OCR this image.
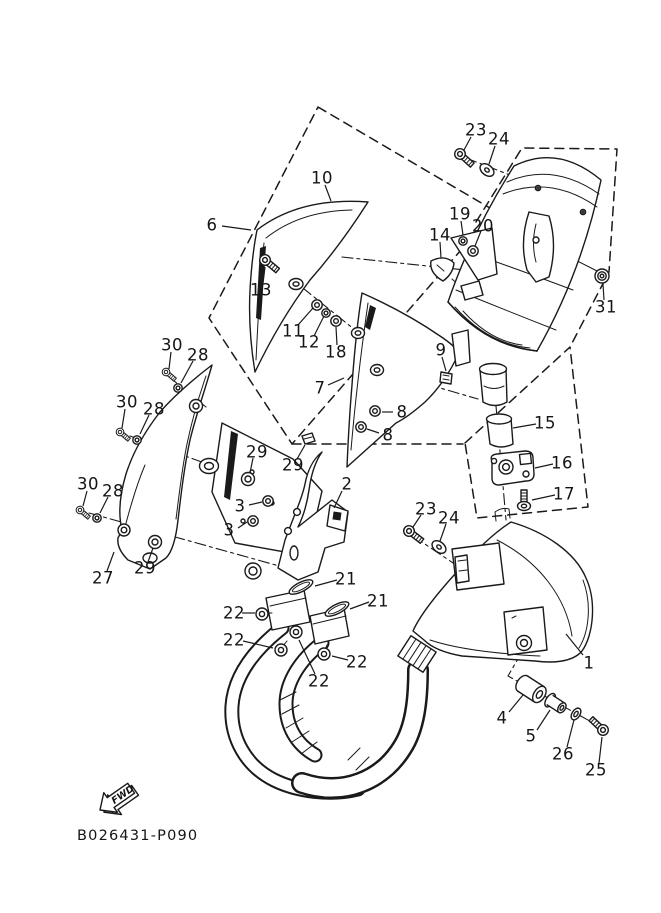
FWD
B026431-P090
1
2
3
3
4
5
6
7
8
8
9
10
11
12
13
14
15
16
17
18
19
20
21
21
22
22
22
22
23 24
23 24
25
26
27
28
28
28
29
29
29
30
30
30
31
